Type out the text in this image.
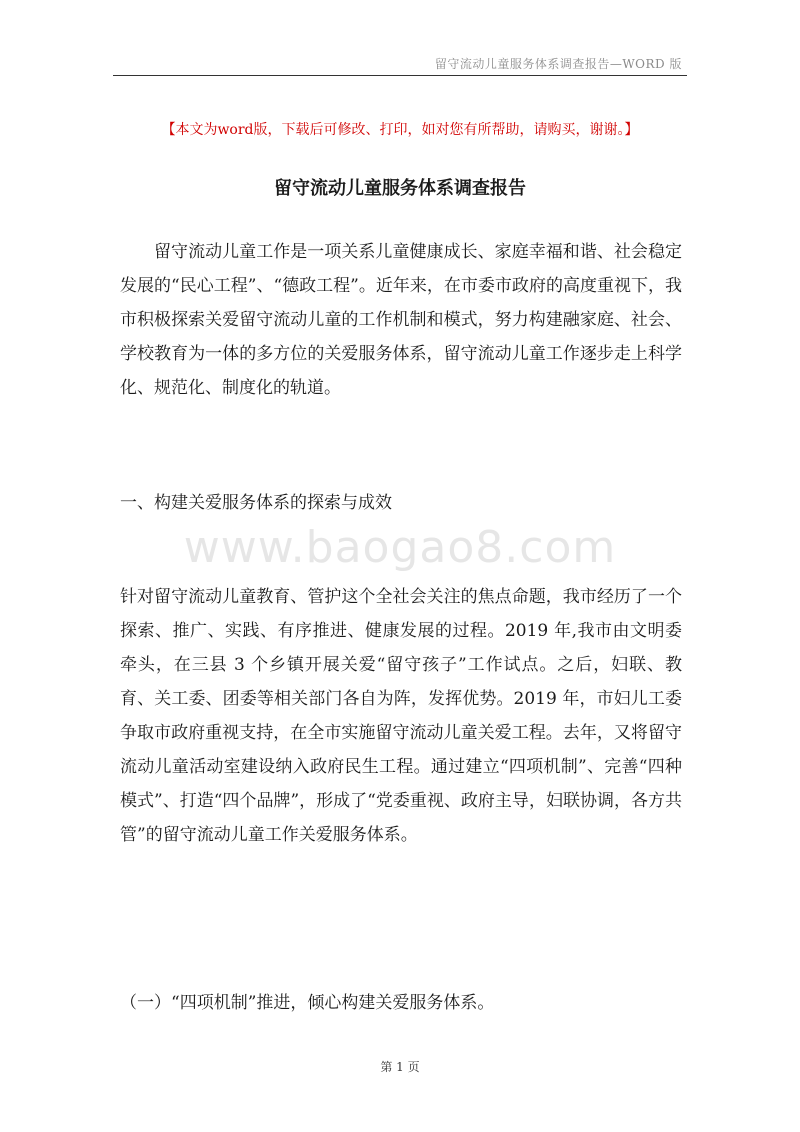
留守流动儿童服务体系调查报告—WORD 版
【本文为word版，下载后可修改、打印，如对您有所帮助，请购买，谢谢。】
留守流动儿童服务体系调查报告

留守流动儿童工作是一项关系儿童健康成长、家庭幸福和谐、社会稳定发展的“民心工程”、“德政工程”。近年来，在市委市政府的高度重视下，我市积极探索关爱留守流动儿童的工作机制和模式，努力构建融家庭、社会、学校教育为一体的多方位的关爱服务体系，留守流动儿童工作逐步走上科学化、规范化、制度化的轨道。

一、构建关爱服务体系的探索与成效
www.baogao8.com

针对留守流动儿童教育、管护这个全社会关注的焦点命题，我市经历了一个探索、推广、实践、有序推进、健康发展的过程。2019 年,我市由文明委牵头，在三县 3 个乡镇开展关爱“留守孩子”工作试点。之后，妇联、教育、关工委、团委等相关部门各自为阵，发挥优势。2019 年，市妇儿工委争取市政府重视支持，在全市实施留守流动儿童关爱工程。去年，又将留守流动儿童活动室建设纳入政府民生工程。通过建立“四项机制”、完善“四种模式”、打造“四个品牌”，形成了“党委重视、政府主导，妇联协调，各方共管”的留守流动儿童工作关爱服务体系。

（一）“四项机制”推进，倾心构建关爱服务体系。
第 1 页
